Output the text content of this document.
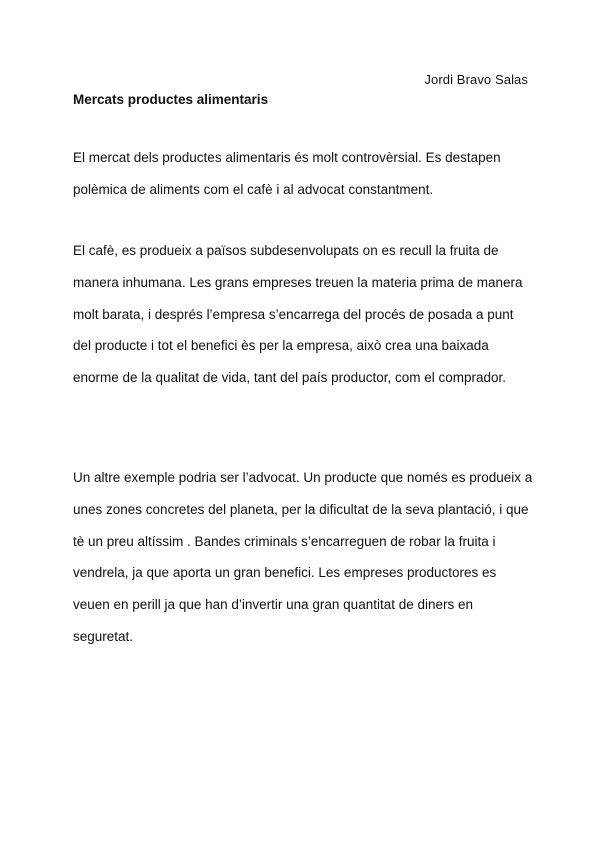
Jordi Bravo Salas
Mercats productes alimentaris

El mercat dels productes alimentaris és molt controvèrsial. Es destapen polèmica de aliments com el cafè i al advocat constantment.

El cafè, es produeix a països subdesenvolupats on es recull la fruita de manera inhumana. Les grans empreses treuen la materia prima de manera molt barata, i després l’empresa s’encarrega del procés de posada a punt del producte i tot el benefici ès per la empresa, això crea una baixada enorme de la qualitat de vida, tant del país productor, com el comprador.

Un altre exemple podria ser l’advocat. Un producte que només es produeix a unes zones concretes del planeta, per la dificultat de la seva plantació, i que tè un preu altíssim . Bandes criminals s’encarreguen de robar la fruita i vendrela, ja que aporta un gran benefici. Les empreses productores es veuen en perill ja que han d’invertir una gran quantitat de diners en seguretat.
